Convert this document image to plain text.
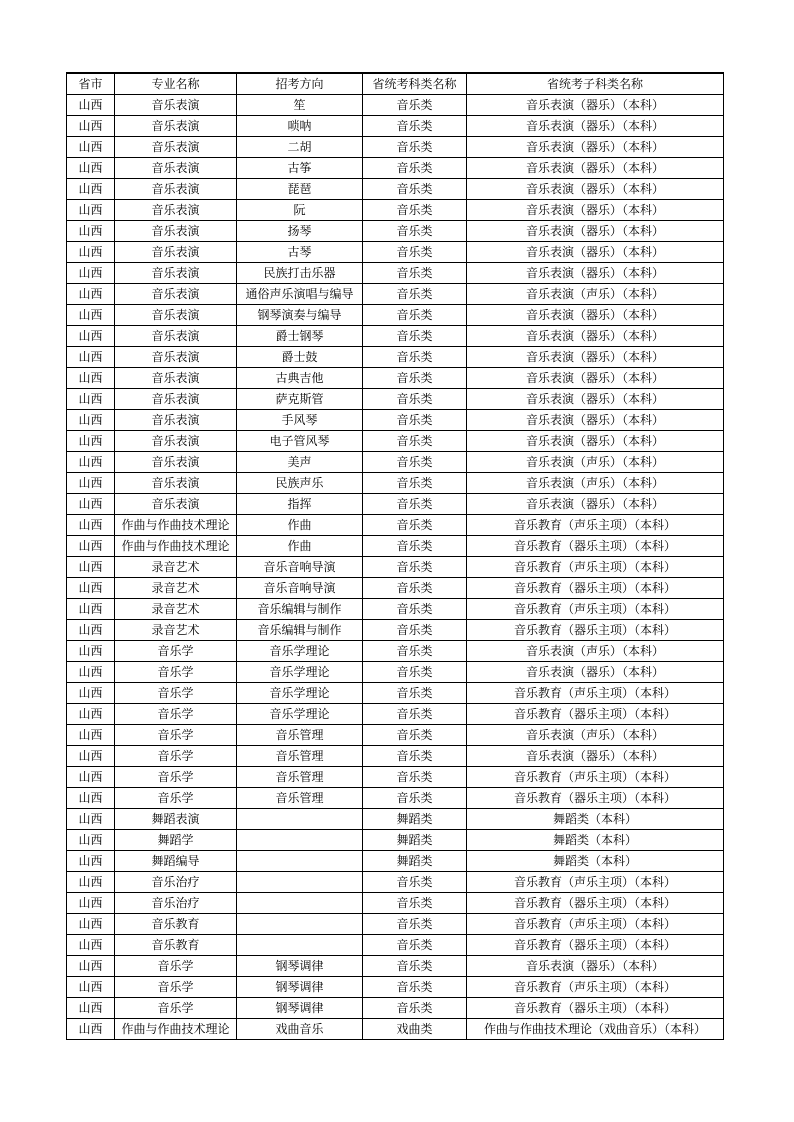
省市	专业名称	招考方向	省统考科类名称	省统考子科类名称
山西	音乐表演	笙	音乐类	音乐表演（器乐）（本科）
山西	音乐表演	唢呐	音乐类	音乐表演（器乐）（本科）
山西	音乐表演	二胡	音乐类	音乐表演（器乐）（本科）
山西	音乐表演	古筝	音乐类	音乐表演（器乐）（本科）
山西	音乐表演	琵琶	音乐类	音乐表演（器乐）（本科）
山西	音乐表演	阮	音乐类	音乐表演（器乐）（本科）
山西	音乐表演	扬琴	音乐类	音乐表演（器乐）（本科）
山西	音乐表演	古琴	音乐类	音乐表演（器乐）（本科）
山西	音乐表演	民族打击乐器	音乐类	音乐表演（器乐）（本科）
山西	音乐表演	通俗声乐演唱与编导	音乐类	音乐表演（声乐）（本科）
山西	音乐表演	钢琴演奏与编导	音乐类	音乐表演（器乐）（本科）
山西	音乐表演	爵士钢琴	音乐类	音乐表演（器乐）（本科）
山西	音乐表演	爵士鼓	音乐类	音乐表演（器乐）（本科）
山西	音乐表演	古典吉他	音乐类	音乐表演（器乐）（本科）
山西	音乐表演	萨克斯管	音乐类	音乐表演（器乐）（本科）
山西	音乐表演	手风琴	音乐类	音乐表演（器乐）（本科）
山西	音乐表演	电子管风琴	音乐类	音乐表演（器乐）（本科）
山西	音乐表演	美声	音乐类	音乐表演（声乐）（本科）
山西	音乐表演	民族声乐	音乐类	音乐表演（声乐）（本科）
山西	音乐表演	指挥	音乐类	音乐表演（器乐）（本科）
山西	作曲与作曲技术理论	作曲	音乐类	音乐教育（声乐主项）（本科）
山西	作曲与作曲技术理论	作曲	音乐类	音乐教育（器乐主项）（本科）
山西	录音艺术	音乐音响导演	音乐类	音乐教育（声乐主项）（本科）
山西	录音艺术	音乐音响导演	音乐类	音乐教育（器乐主项）（本科）
山西	录音艺术	音乐编辑与制作	音乐类	音乐教育（声乐主项）（本科）
山西	录音艺术	音乐编辑与制作	音乐类	音乐教育（器乐主项）（本科）
山西	音乐学	音乐学理论	音乐类	音乐表演（声乐）（本科）
山西	音乐学	音乐学理论	音乐类	音乐表演（器乐）（本科）
山西	音乐学	音乐学理论	音乐类	音乐教育（声乐主项）（本科）
山西	音乐学	音乐学理论	音乐类	音乐教育（器乐主项）（本科）
山西	音乐学	音乐管理	音乐类	音乐表演（声乐）（本科）
山西	音乐学	音乐管理	音乐类	音乐表演（器乐）（本科）
山西	音乐学	音乐管理	音乐类	音乐教育（声乐主项）（本科）
山西	音乐学	音乐管理	音乐类	音乐教育（器乐主项）（本科）
山西	舞蹈表演		舞蹈类	舞蹈类（本科）
山西	舞蹈学		舞蹈类	舞蹈类（本科）
山西	舞蹈编导		舞蹈类	舞蹈类（本科）
山西	音乐治疗		音乐类	音乐教育（声乐主项）（本科）
山西	音乐治疗		音乐类	音乐教育（器乐主项）（本科）
山西	音乐教育		音乐类	音乐教育（声乐主项）（本科）
山西	音乐教育		音乐类	音乐教育（器乐主项）（本科）
山西	音乐学	钢琴调律	音乐类	音乐表演（器乐）（本科）
山西	音乐学	钢琴调律	音乐类	音乐教育（声乐主项）（本科）
山西	音乐学	钢琴调律	音乐类	音乐教育（器乐主项）（本科）
山西	作曲与作曲技术理论	戏曲音乐	戏曲类	作曲与作曲技术理论（戏曲音乐）（本科）
